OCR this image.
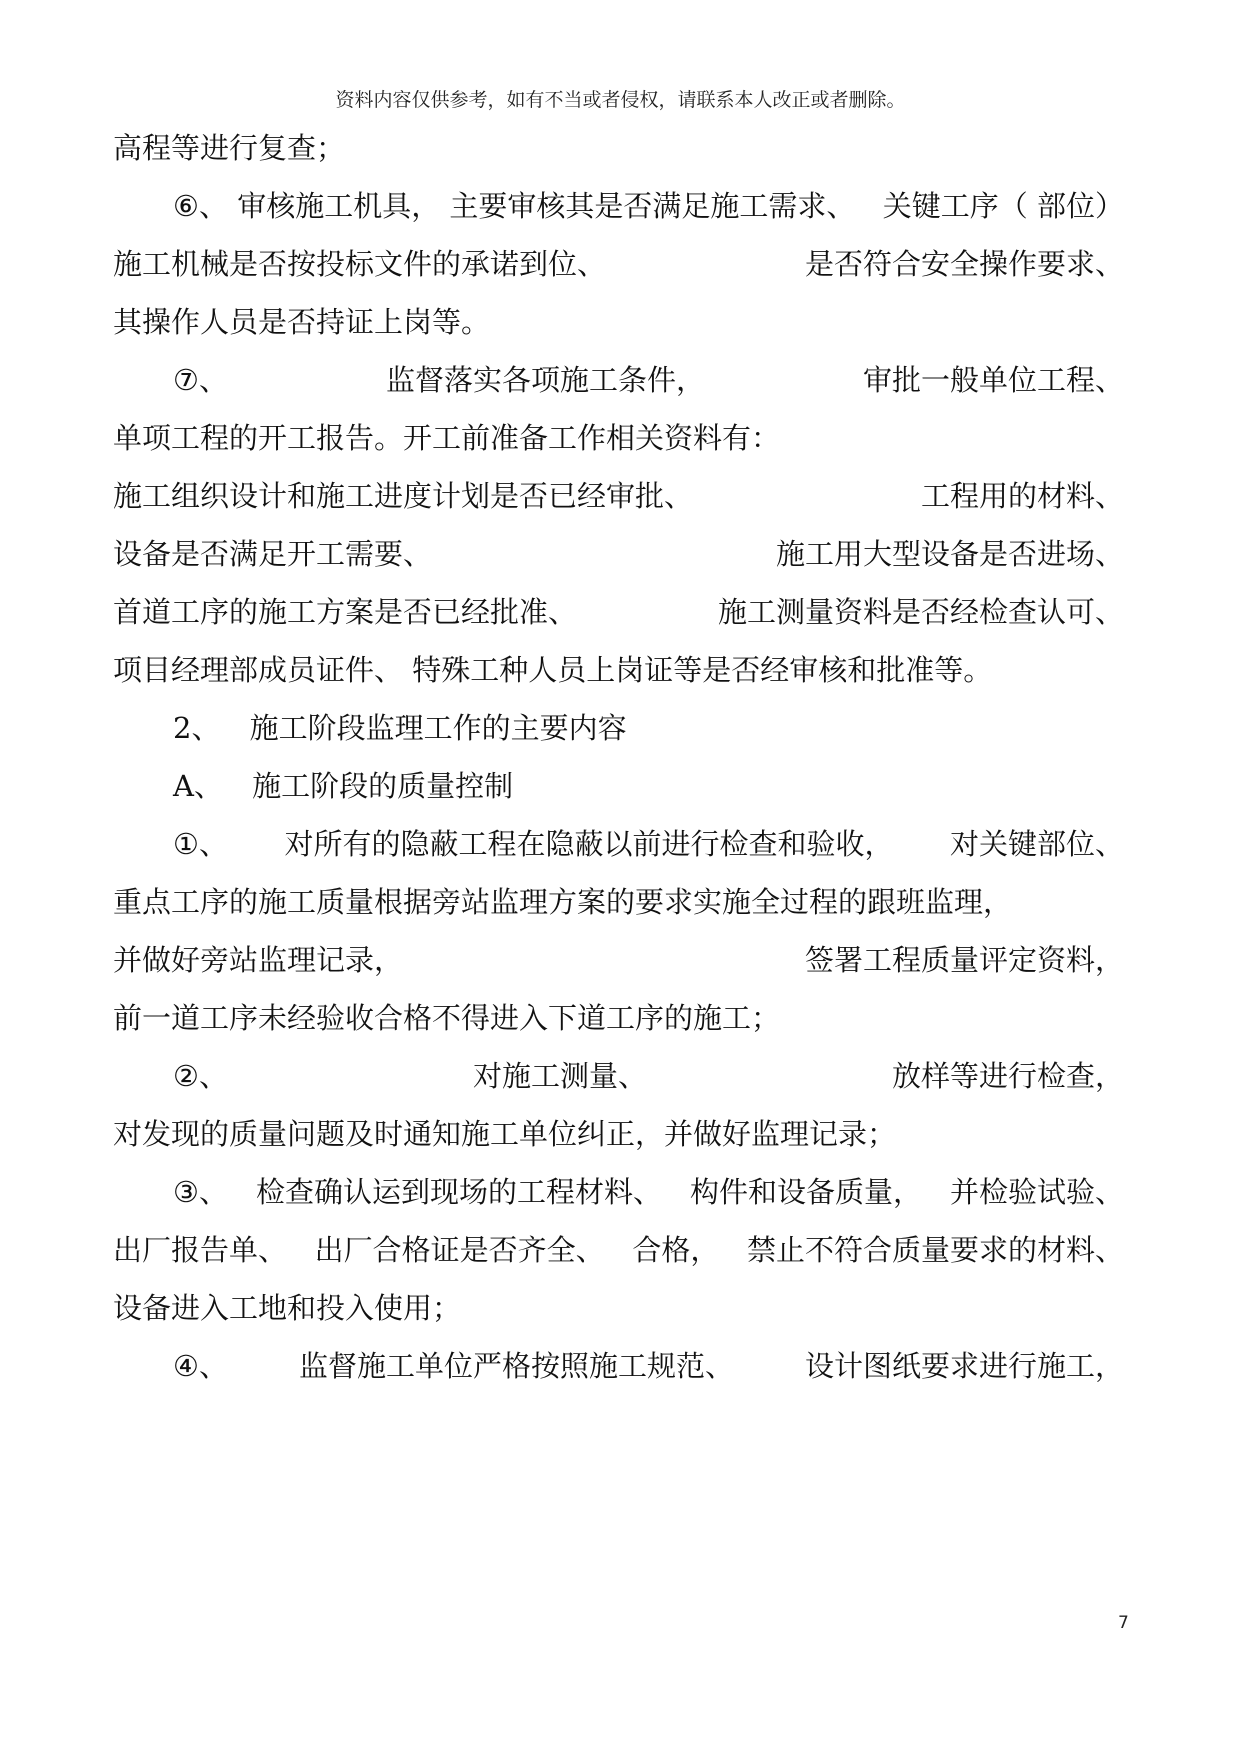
资料内容仅供参考，如有不当或者侵权，请联系本人改正或者删除。
高程等进行复查；
⑥、 审核施工机具， 主要审核其是否满足施工需求、 关键工序（ 部位）
施工机械是否按投标文件的承诺到位、	是否符合安全操作要求、
其操作人员是否持证上岗等。
⑦、	监督落实各项施工条件，	审批一般单位工程、
单项工程的开工报告。开工前准备工作相关资料有：
施工组织设计和施工进度计划是否已经审批、	工程用的材料、
设备是否满足开工需要、	施工用大型设备是否进场、
首道工序的施工方案是否已经批准、	施工测量资料是否经检查认可、
项目经理部成员证件、 特殊工种人员上岗证等是否经审核和批准等。
2、 施工阶段监理工作的主要内容
A、 施工阶段的质量控制
①、 对所有的隐蔽工程在隐蔽以前进行检查和验收， 对关键部位、
重点工序的施工质量根据旁站监理方案的要求实施全过程的跟班监理，
并做好旁站监理记录，	签署工程质量评定资料，
前一道工序未经验收合格不得进入下道工序的施工；
②、	对施工测量、	放样等进行检查，
对发现的质量问题及时通知施工单位纠正，并做好监理记录；
③、 检查确认运到现场的工程材料、 构件和设备质量， 并检验试验、
出厂报告单、 出厂合格证是否齐全、 合格， 禁止不符合质量要求的材料、
设备进入工地和投入使用；
④、 监督施工单位严格按照施工规范、 设计图纸要求进行施工，
7
